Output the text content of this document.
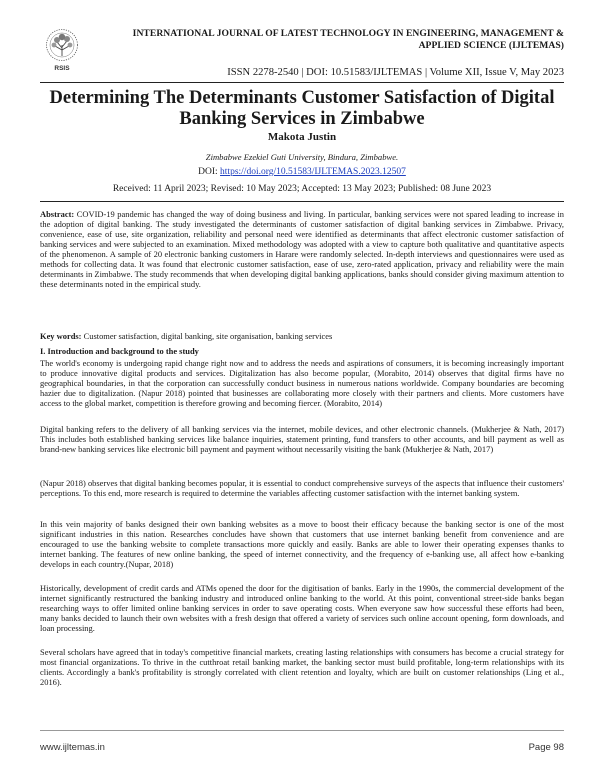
RSIS
INTERNATIONAL JOURNAL OF LATEST TECHNOLOGY IN ENGINEERING, MANAGEMENT &
APPLIED SCIENCE (IJLTEMAS)
ISSN 2278-2540 | DOI: 10.51583/IJLTEMAS | Volume XII, Issue V, May 2023
Determining The Determinants Customer Satisfaction of Digital
Banking Services in Zimbabwe
Makota Justin
Zimbabwe Ezekiel Guti University, Bindura, Zimbabwe.
DOI: https://doi.org/10.51583/IJLTEMAS.2023.12507
Received: 11 April 2023; Revised: 10 May 2023; Accepted: 13 May 2023; Published: 08 June 2023
Abstract: COVID-19 pandemic has changed the way of doing business and living. In particular, banking services were not spared leading to increase in the adoption of digital banking. The study investigated the determinants of customer satisfaction of digital banking services in Zimbabwe. Privacy, convenience, ease of use, site organization, reliability and personal need were identified as determinants that affect electronic customer satisfaction of banking services and were subjected to an examination. Mixed methodology was adopted with a view to capture both qualitative and quantitative aspects of the phenomenon. A sample of 20 electronic banking customers in Harare were randomly selected. In-depth interviews and questionnaires were used as methods for collecting data. It was found that electronic customer satisfaction, ease of use, zero-rated application, privacy and reliability were the main determinants in Zimbabwe. The study recommends that when developing digital banking applications, banks should consider giving maximum attention to these determinants noted in the empirical study.
Key words: Customer satisfaction, digital banking, site organisation, banking services
I. Introduction and background to the study

The world's economy is undergoing rapid change right now and to address the needs and aspirations of consumers, it is becoming increasingly important to produce innovative digital products and services. Digitalization has also become popular, (Morabito, 2014) observes that digital firms have no geographical boundaries, in that the corporation can successfully conduct business in numerous nations worldwide. Company boundaries are becoming hazier due to digitalization. (Napur 2018) pointed that businesses are collaborating more closely with their partners and clients. More customers have access to the global market, competition is therefore growing and becoming fiercer. (Morabito, 2014)

Digital banking refers to the delivery of all banking services via the internet, mobile devices, and other electronic channels. (Mukherjee & Nath, 2017) This includes both established banking services like balance inquiries, statement printing, fund transfers to other accounts, and bill payment as well as brand-new banking services like electronic bill payment and payment without necessarily visiting the bank (Mukherjee & Nath, 2017)

(Napur 2018) observes that digital banking becomes popular, it is essential to conduct comprehensive surveys of the aspects that influence their customers' perceptions. To this end, more research is required to determine the variables affecting customer satisfaction with the internet banking system.

In this vein majority of banks designed their own banking websites as a move to boost their efficacy because the banking sector is one of the most significant industries in this nation. Researches concludes have shown that customers that use internet banking benefit from convenience and are encouraged to use the banking website to complete transactions more quickly and easily. Banks are able to lower their operating expenses thanks to internet banking. The features of new online banking, the speed of internet connectivity, and the frequency of e-banking use, all affect how e-banking develops in each country.(Nupar, 2018)

Historically, development of credit cards and ATMs opened the door for the digitisation of banks. Early in the 1990s, the commercial development of the internet significantly restructured the banking industry and introduced online banking to the world. At this point, conventional street-side banks began researching ways to offer limited online banking services in order to save operating costs. When everyone saw how successful these efforts had been, many banks decided to launch their own websites with a fresh design that offered a variety of services such online account opening, form downloads, and loan processing.

Several scholars have agreed that in today's competitive financial markets, creating lasting relationships with consumers has become a crucial strategy for most financial organizations. To thrive in the cutthroat retail banking market, the banking sector must build profitable, long-term relationships with its clients. Accordingly a bank's profitability is strongly correlated with client retention and loyalty, which are built on customer relationships (Ling et al., 2016).

www.ijltemas.in	Page 98
